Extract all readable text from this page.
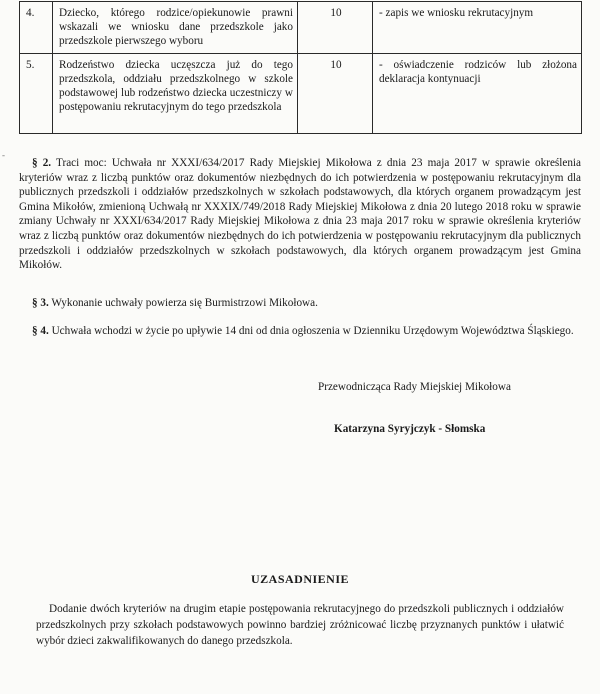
4.	Dziecko, którego rodzice/opiekunowie prawni wskazali we wniosku dane przedszkole jako przedszkole pierwszego wyboru	10	- zapis we wniosku rekrutacyjnym
5.	Rodzeństwo dziecka uczęszcza już do tego przedszkola, oddziału przedszkolnego w szkole podstawowej lub rodzeństwo dziecka uczestniczy w postępowaniu rekrutacyjnym do tego przedszkola	10	- oświadczenie rodziców lub złożona deklaracja kontynuacji

§ 2. Traci moc: Uchwała nr XXXI/634/2017 Rady Miejskiej Mikołowa z dnia 23 maja 2017 w sprawie określenia kryteriów wraz z liczbą punktów oraz dokumentów niezbędnych do ich potwierdzenia w postępowaniu rekrutacyjnym dla publicznych przedszkoli i oddziałów przedszkolnych w szkołach podstawowych, dla których organem prowadzącym jest Gmina Mikołów, zmienioną Uchwałą nr XXXIX/749/2018 Rady Miejskiej Mikołowa z dnia 20 lutego 2018 roku w sprawie zmiany Uchwały nr XXXI/634/2017 Rady Miejskiej Mikołowa z dnia 23 maja 2017 roku w sprawie określenia kryteriów wraz z liczbą punktów oraz dokumentów niezbędnych do ich potwierdzenia w postępowaniu rekrutacyjnym dla publicznych przedszkoli i oddziałów przedszkolnych w szkołach podstawowych, dla których organem prowadzącym jest Gmina Mikołów.

§ 3. Wykonanie uchwały powierza się Burmistrzowi Mikołowa.

§ 4. Uchwała wchodzi w życie po upływie 14 dni od dnia ogłoszenia w Dzienniku Urzędowym Województwa Śląskiego.

Przewodnicząca Rady Miejskiej Mikołowa
Katarzyna Syryjczyk - Słomska
UZASADNIENIE

Dodanie dwóch kryteriów na drugim etapie postępowania rekrutacyjnego do przedszkoli publicznych i oddziałów przedszkolnych przy szkołach podstawowych powinno bardziej zróżnicować liczbę przyznanych punktów i ułatwić wybór dzieci zakwalifikowanych do danego przedszkola.

-
